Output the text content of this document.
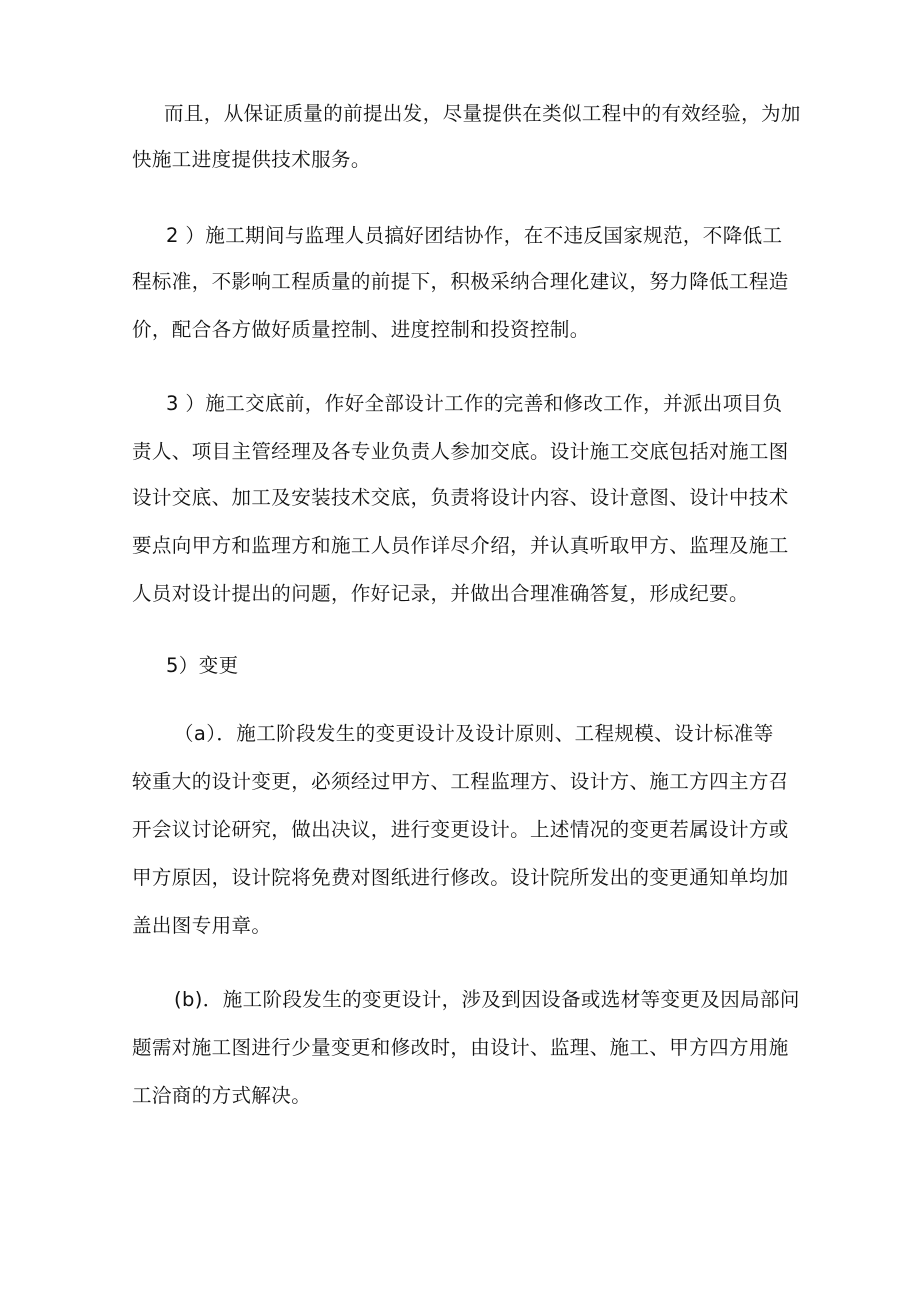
而且，从保证质量的前提出发，尽量提供在类似工程中的有效经验，为加
快施工进度提供技术服务。
2 ）施工期间与监理人员搞好团结协作，在不违反国家规范，不降低工
程标准，不影响工程质量的前提下，积极采纳合理化建议，努力降低工程造
价，配合各方做好质量控制、进度控制和投资控制。
3 ）施工交底前，作好全部设计工作的完善和修改工作，并派出项目负
责人、项目主管经理及各专业负责人参加交底。设计施工交底包括对施工图
设计交底、加工及安装技术交底，负责将设计内容、设计意图、设计中技术
要点向甲方和监理方和施工人员作详尽介绍，并认真听取甲方、监理及施工
人员对设计提出的问题，作好记录，并做出合理准确答复，形成纪要。
5）变更
（a）．施工阶段发生的变更设计及设计原则、工程规模、设计标准等
较重大的设计变更，必须经过甲方、工程监理方、设计方、施工方四主方召
开会议讨论研究，做出决议，进行变更设计。上述情况的变更若属设计方或
甲方原因，设计院将免费对图纸进行修改。设计院所发出的变更通知单均加
盖出图专用章。
(b)．施工阶段发生的变更设计，涉及到因设备或选材等变更及因局部问
题需对施工图进行少量变更和修改时，由设计、监理、施工、甲方四方用施
工洽商的方式解决。
